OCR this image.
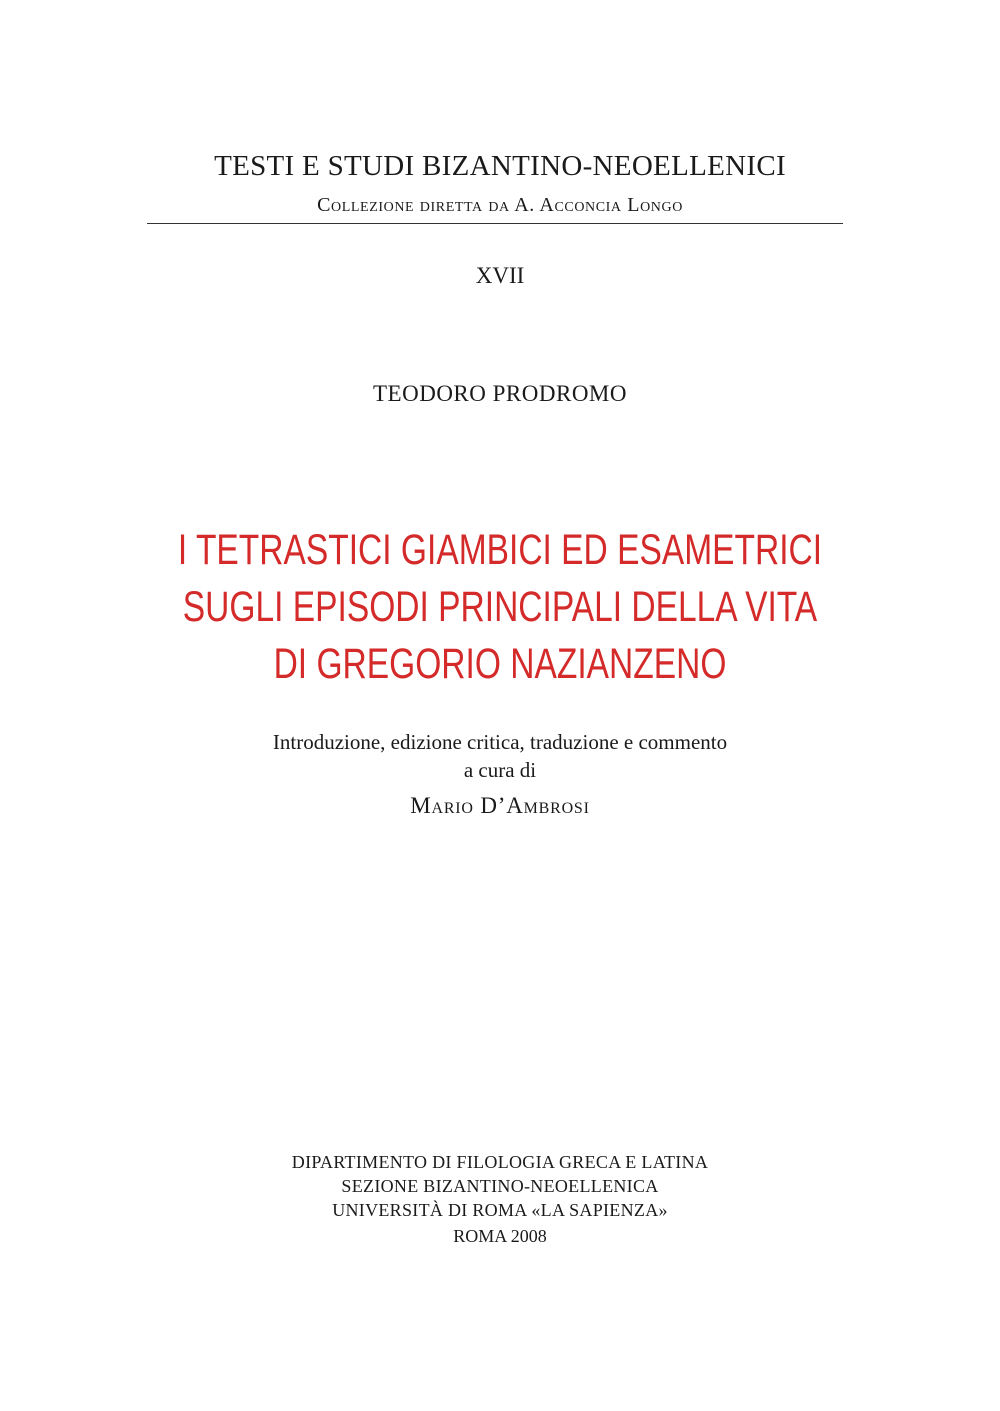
TESTI E STUDI BIZANTINO-NEOELLENICI
Collezione diretta da A. Acconcia Longo
XVII
TEODORO PRODROMO
I TETRASTICI GIAMBICI ED ESAMETRICI
SUGLI EPISODI PRINCIPALI DELLA VITA
DI GREGORIO NAZIANZENO
Introduzione, edizione critica, traduzione e commento
a cura di
Mario D’Ambrosi
DIPARTIMENTO DI FILOLOGIA GRECA E LATINA
SEZIONE BIZANTINO-NEOELLENICA
UNIVERSITÀ DI ROMA «LA SAPIENZA»
ROMA 2008
